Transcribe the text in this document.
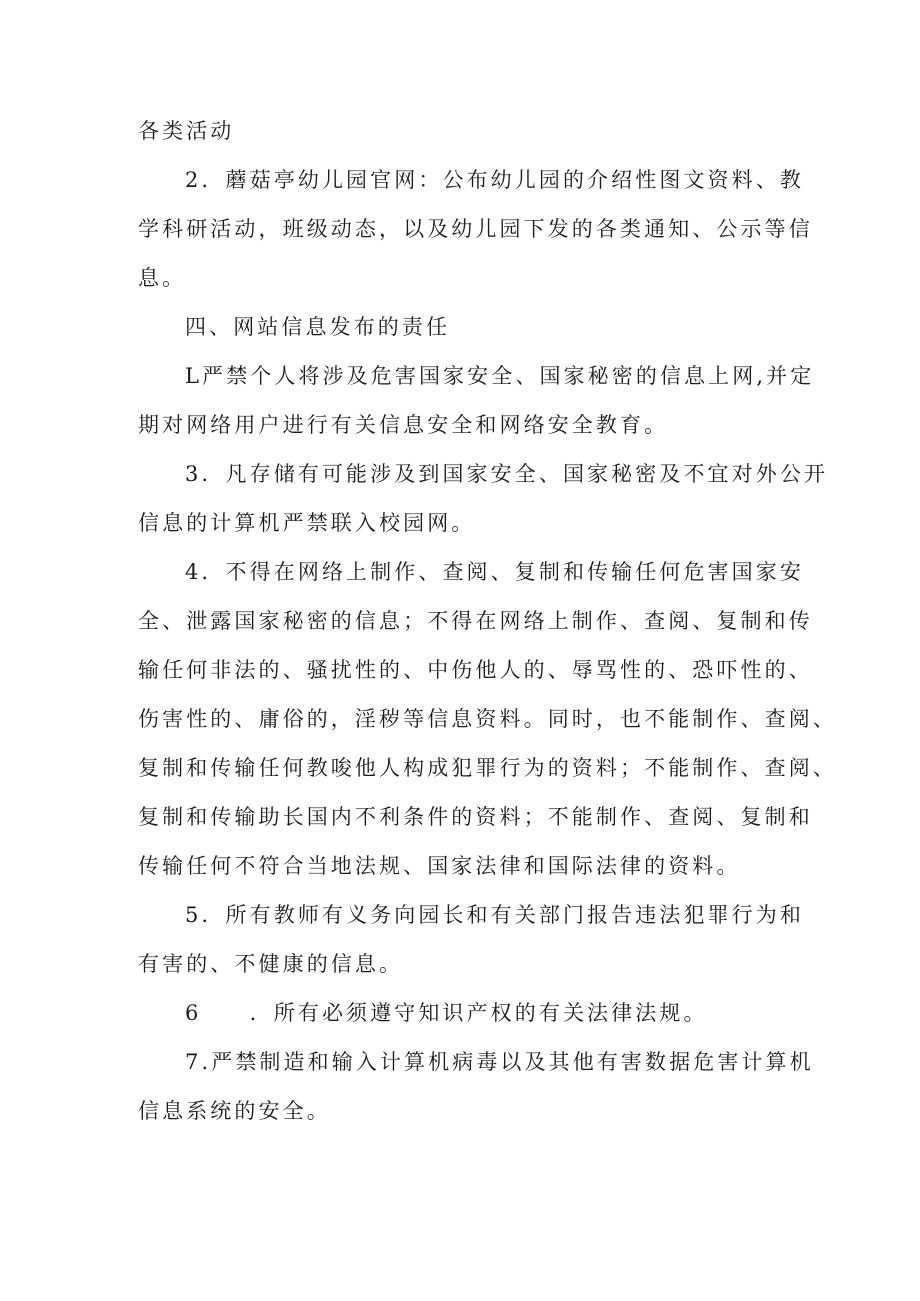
各类活动
2．蘑菇亭幼儿园官网：公布幼儿园的介绍性图文资料、教
学科研活动，班级动态，以及幼儿园下发的各类通知、公示等信
息。
四、网站信息发布的责任
L严禁个人将涉及危害国家安全、国家秘密的信息上网,并定
期对网络用户进行有关信息安全和网络安全教育。
3．凡存储有可能涉及到国家安全、国家秘密及不宜对外公开
信息的计算机严禁联入校园网。
4．不得在网络上制作、查阅、复制和传输任何危害国家安
全、泄露国家秘密的信息；不得在网络上制作、查阅、复制和传
输任何非法的、骚扰性的、中伤他人的、辱骂性的、恐吓性的、
伤害性的、庸俗的，淫秽等信息资料。同时，也不能制作、查阅、
复制和传输任何教唆他人构成犯罪行为的资料；不能制作、查阅、
复制和传输助长国内不利条件的资料；不能制作、查阅、复制和
传输任何不符合当地法规、国家法律和国际法律的资料。
5．所有教师有义务向园长和有关部门报告违法犯罪行为和
有害的、不健康的信息。
6　　．所有必须遵守知识产权的有关法律法规。
7.严禁制造和输入计算机病毒以及其他有害数据危害计算机
信息系统的安全。
